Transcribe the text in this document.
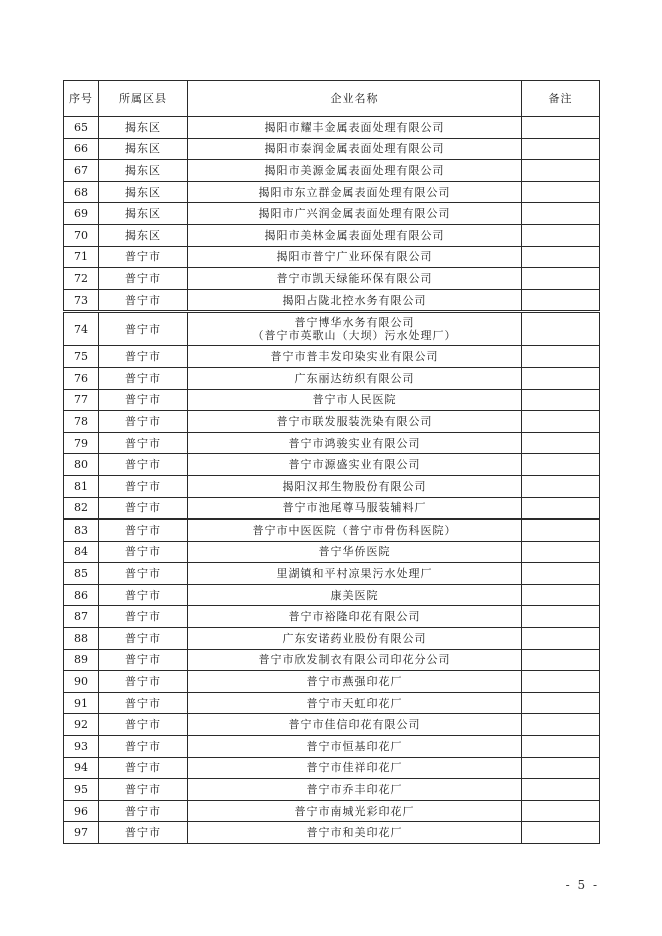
序号	所属区县	企业名称	备注
65	揭东区	揭阳市耀丰金属表面处理有限公司	
66	揭东区	揭阳市泰润金属表面处理有限公司	
67	揭东区	揭阳市美源金属表面处理有限公司	
68	揭东区	揭阳市东立群金属表面处理有限公司	
69	揭东区	揭阳市广兴润金属表面处理有限公司	
70	揭东区	揭阳市美林金属表面处理有限公司	
71	普宁市	揭阳市普宁广业环保有限公司	
72	普宁市	普宁市凯天绿能环保有限公司	
73	普宁市	揭阳占陇北控水务有限公司	
74	普宁市	普宁博华水务有限公司
（普宁市英歌山（大坝）污水处理厂）	
75	普宁市	普宁市普丰发印染实业有限公司	
76	普宁市	广东丽达纺织有限公司	
77	普宁市	普宁市人民医院	
78	普宁市	普宁市联发服装洗染有限公司	
79	普宁市	普宁市鸿骏实业有限公司	
80	普宁市	普宁市源盛实业有限公司	
81	普宁市	揭阳汉邦生物股份有限公司	
82	普宁市	普宁市池尾尊马服装辅料厂	
83	普宁市	普宁市中医医院（普宁市骨伤科医院）	
84	普宁市	普宁华侨医院	
85	普宁市	里湖镇和平村凉果污水处理厂	
86	普宁市	康美医院	
87	普宁市	普宁市裕隆印花有限公司	
88	普宁市	广东安诺药业股份有限公司	
89	普宁市	普宁市欣发制衣有限公司印花分公司	
90	普宁市	普宁市燕强印花厂	
91	普宁市	普宁市天虹印花厂	
92	普宁市	普宁市佳信印花有限公司	
93	普宁市	普宁市恒基印花厂	
94	普宁市	普宁市佳祥印花厂	
95	普宁市	普宁市乔丰印花厂	
96	普宁市	普宁市南城光彩印花厂	
97	普宁市	普宁市和美印花厂	
- 5 -
